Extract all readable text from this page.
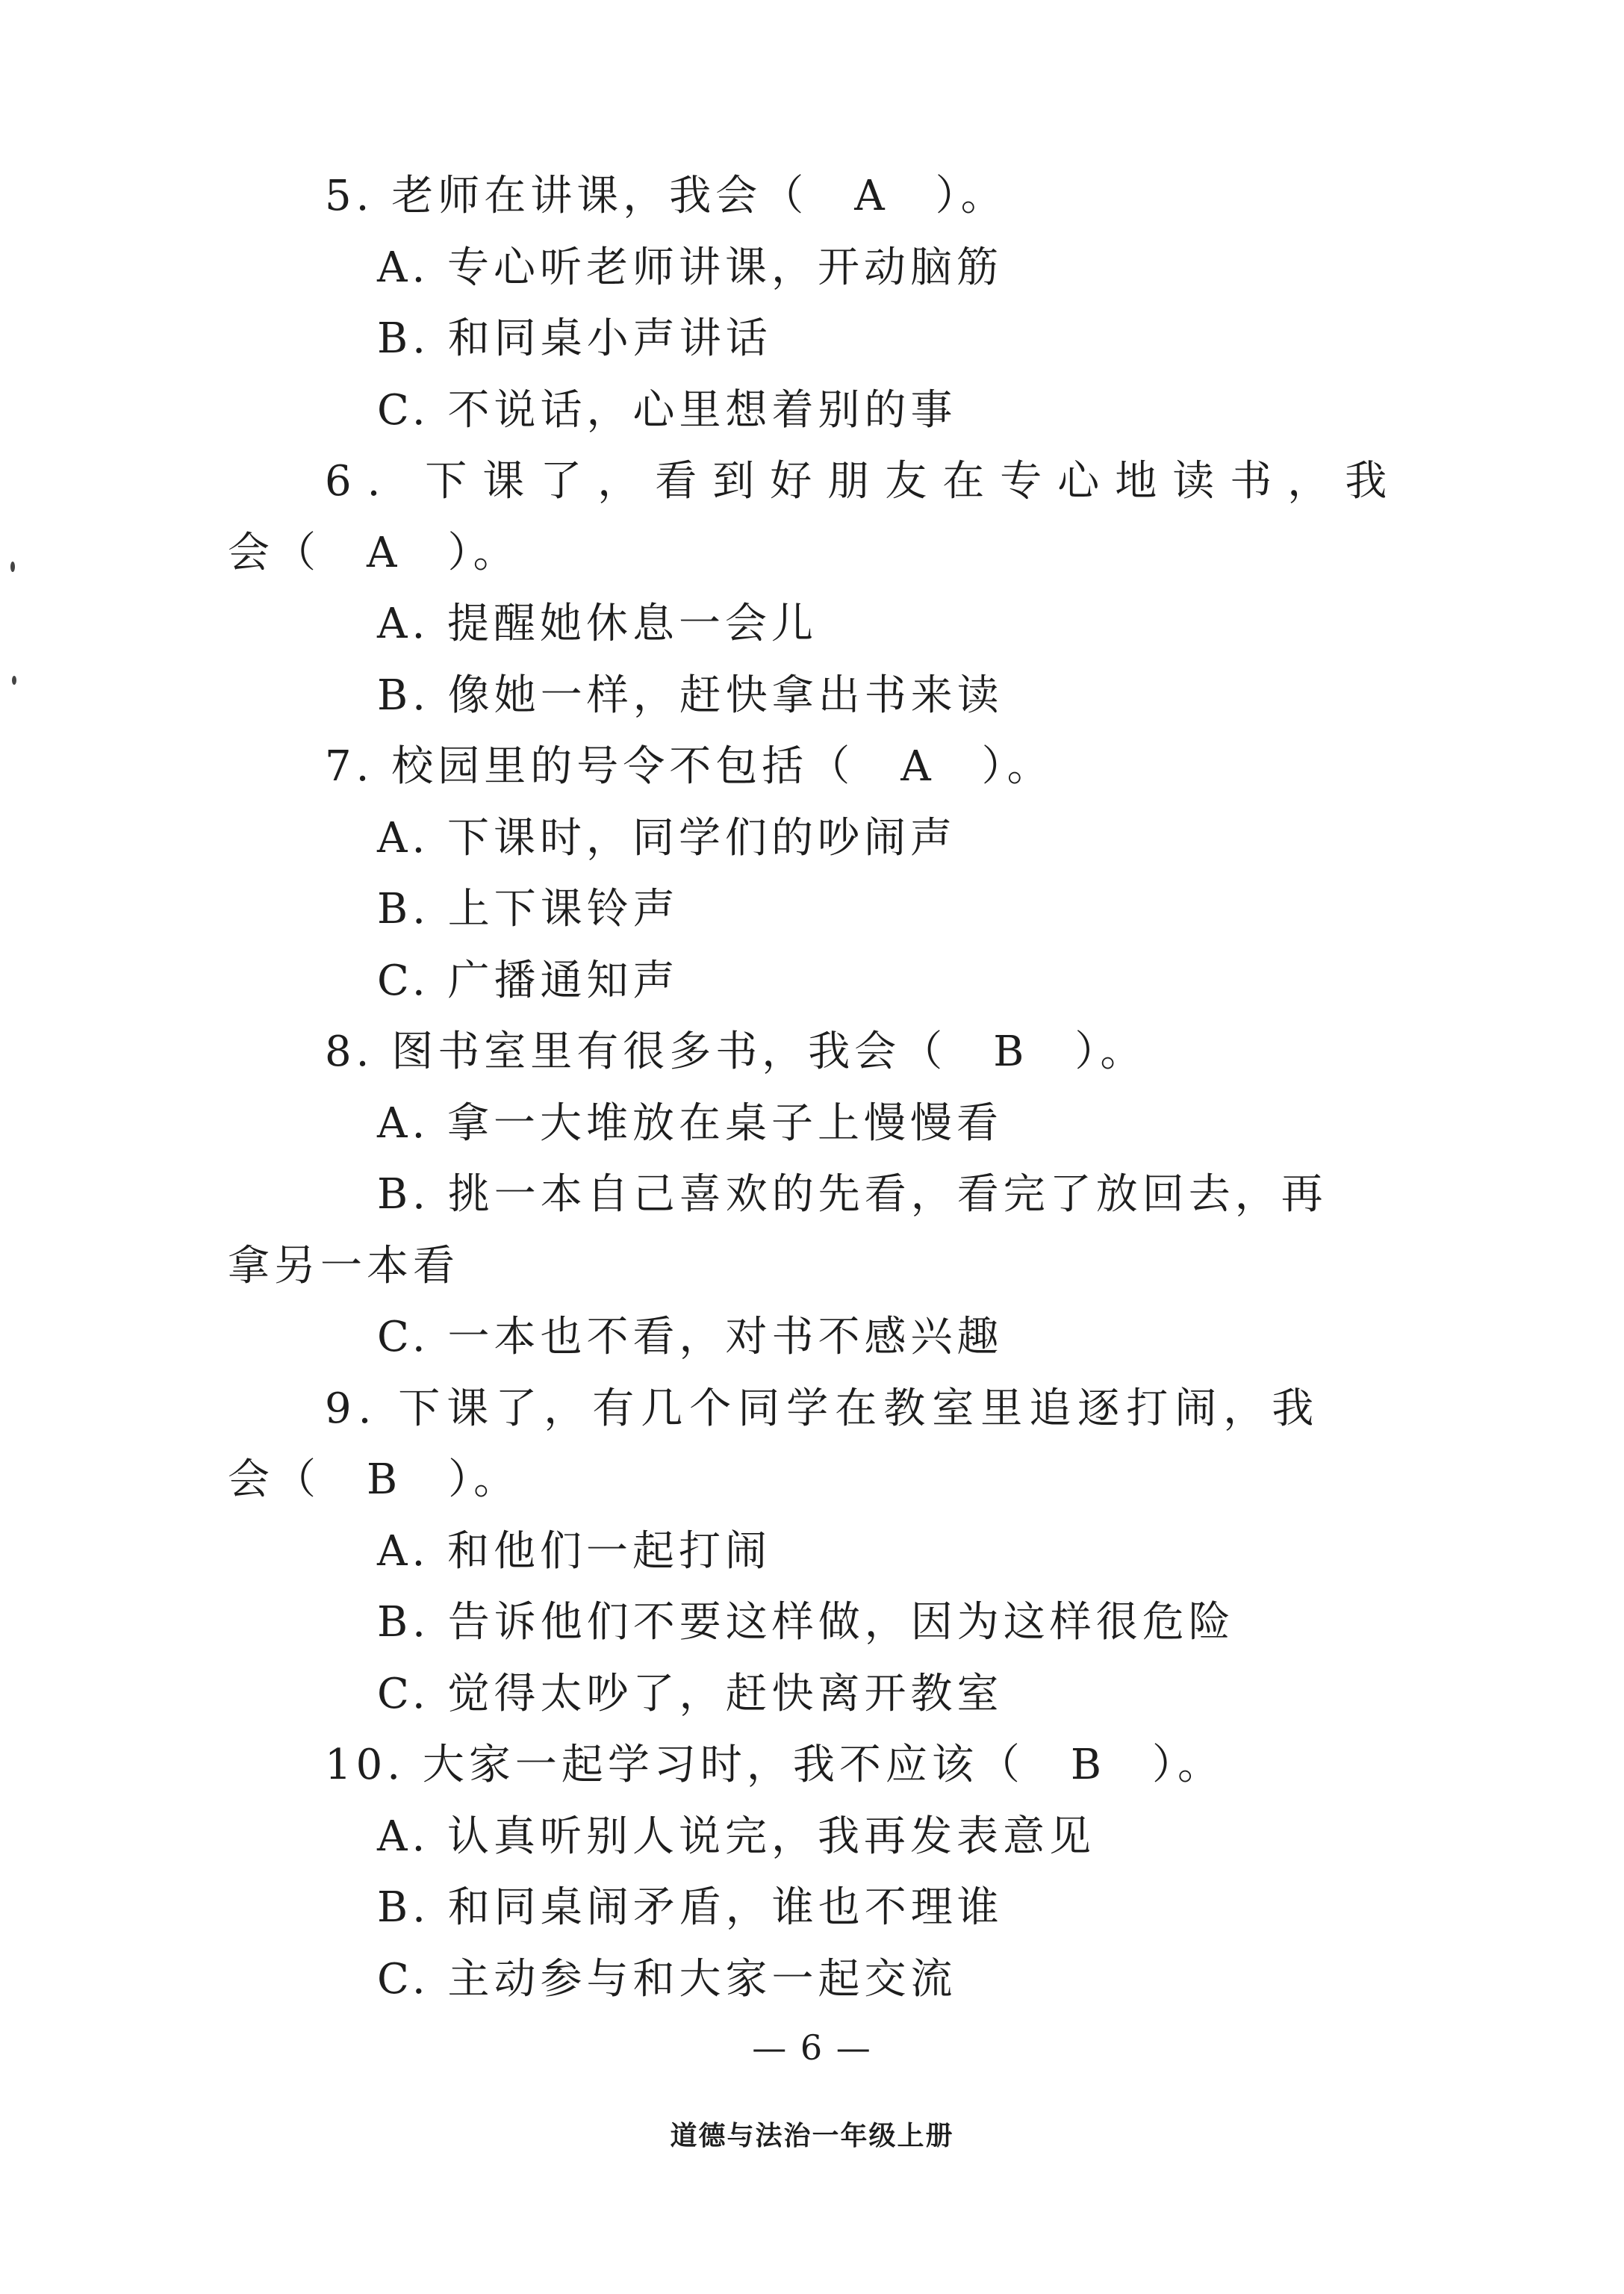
5. 老师在讲课，我会（　A　）。
A. 专心听老师讲课，开动脑筋
B. 和同桌小声讲话
C. 不说话，心里想着别的事
6. 下课了，看到好朋友在专心地读书，我
会（　A　）。
A. 提醒她休息一会儿
B. 像她一样，赶快拿出书来读
7. 校园里的号令不包括（　A　）。
A. 下课时，同学们的吵闹声
B. 上下课铃声
C. 广播通知声
8. 图书室里有很多书，我会（　B　）。
A. 拿一大堆放在桌子上慢慢看
B. 挑一本自己喜欢的先看，看完了放回去，再
拿另一本看
C. 一本也不看，对书不感兴趣
9. 下课了，有几个同学在教室里追逐打闹，我
会（　B　）。
A. 和他们一起打闹
B. 告诉他们不要这样做，因为这样很危险
C. 觉得太吵了，赶快离开教室
10. 大家一起学习时，我不应该（　B　）。
A. 认真听别人说完，我再发表意见
B. 和同桌闹矛盾，谁也不理谁
C. 主动参与和大家一起交流
— 6 —
道德与法治一年级上册
